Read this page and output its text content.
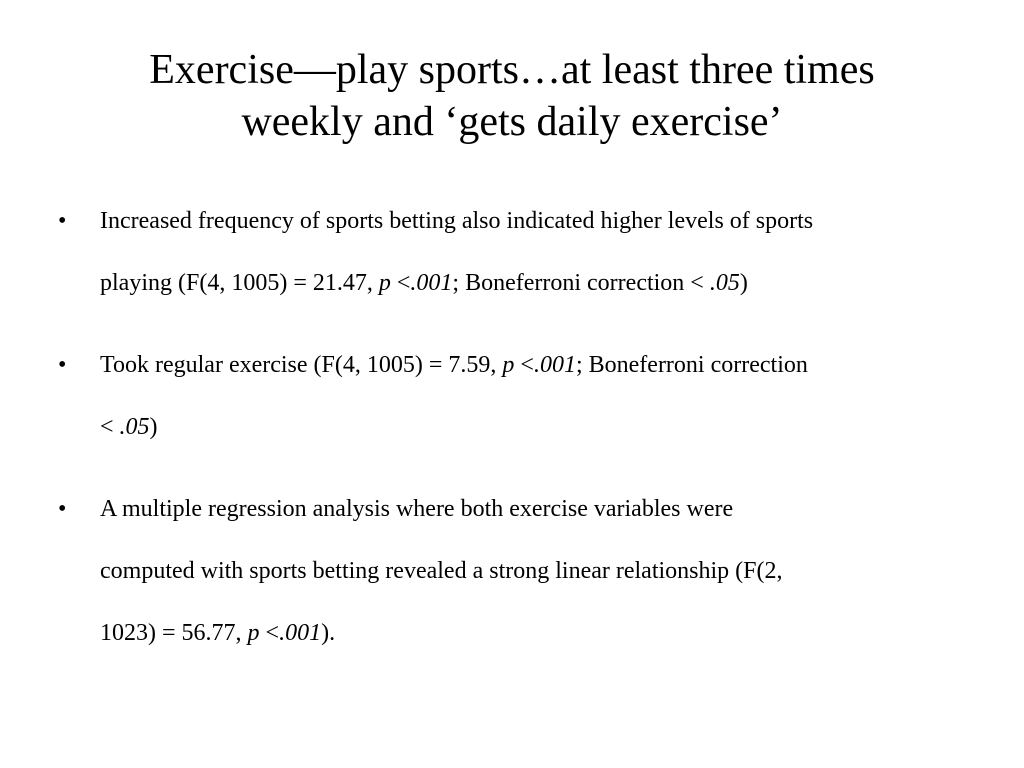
Exercise—play sports…at least three times
weekly and ‘gets daily exercise’
• Increased frequency of sports betting also indicated higher levels of sports
playing (F(4, 1005) = 21.47, p <.001; Boneferroni correction < .05)
• Took regular exercise (F(4, 1005) = 7.59, p <.001; Boneferroni correction
< .05)
• A multiple regression analysis where both exercise variables were
computed with sports betting revealed a strong linear relationship (F(2,
1023) = 56.77, p <.001).
